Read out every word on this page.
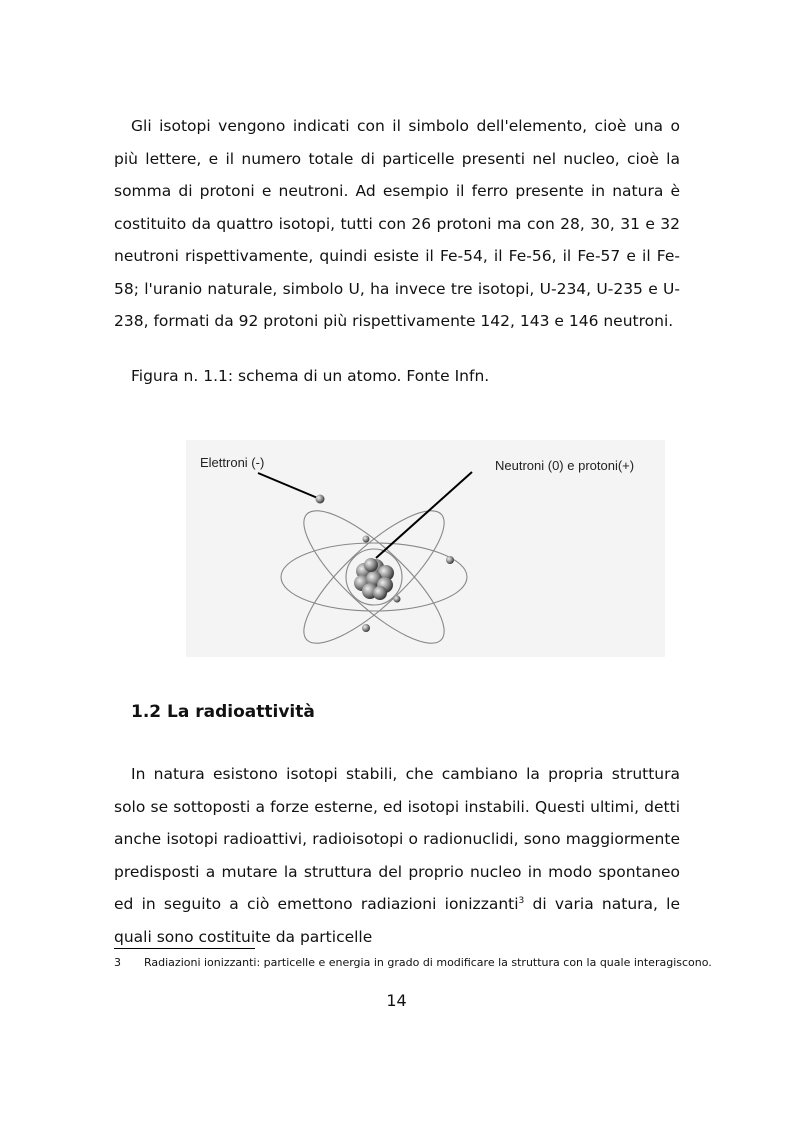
Gli isotopi vengono indicati con il simbolo dell'elemento, cioè una o più lettere, e il numero totale di particelle presenti nel nucleo, cioè la somma di protoni e neutroni. Ad esempio il ferro presente in natura è costituito da quattro isotopi, tutti con 26 protoni ma con 28, 30, 31 e 32 neutroni rispettivamente, quindi esiste il Fe-54, il Fe-56, il Fe-57 e il Fe-58; l'uranio naturale, simbolo U, ha invece tre isotopi, U-234, U-235 e U-238, formati da 92 protoni più rispettivamente 142, 143 e 146 neutroni.

Figura n. 1.1: schema di un atomo. Fonte Infn.

Elettroni (-)	Neutroni (0) e protoni(+)
1.2 La radioattività

In natura esistono isotopi stabili, che cambiano la propria struttura solo se sottoposti a forze esterne, ed isotopi instabili. Questi ultimi, detti anche isotopi radioattivi, radioisotopi o radionuclidi, sono maggiormente predisposti a mutare la struttura del proprio nucleo in modo spontaneo ed in seguito a ciò emettono radiazioni ionizzanti$^3$ di varia natura, le quali sono costituite da particelle

3 Radiazioni ionizzanti: particelle e energia in grado di modificare la struttura con la quale interagiscono.

14
